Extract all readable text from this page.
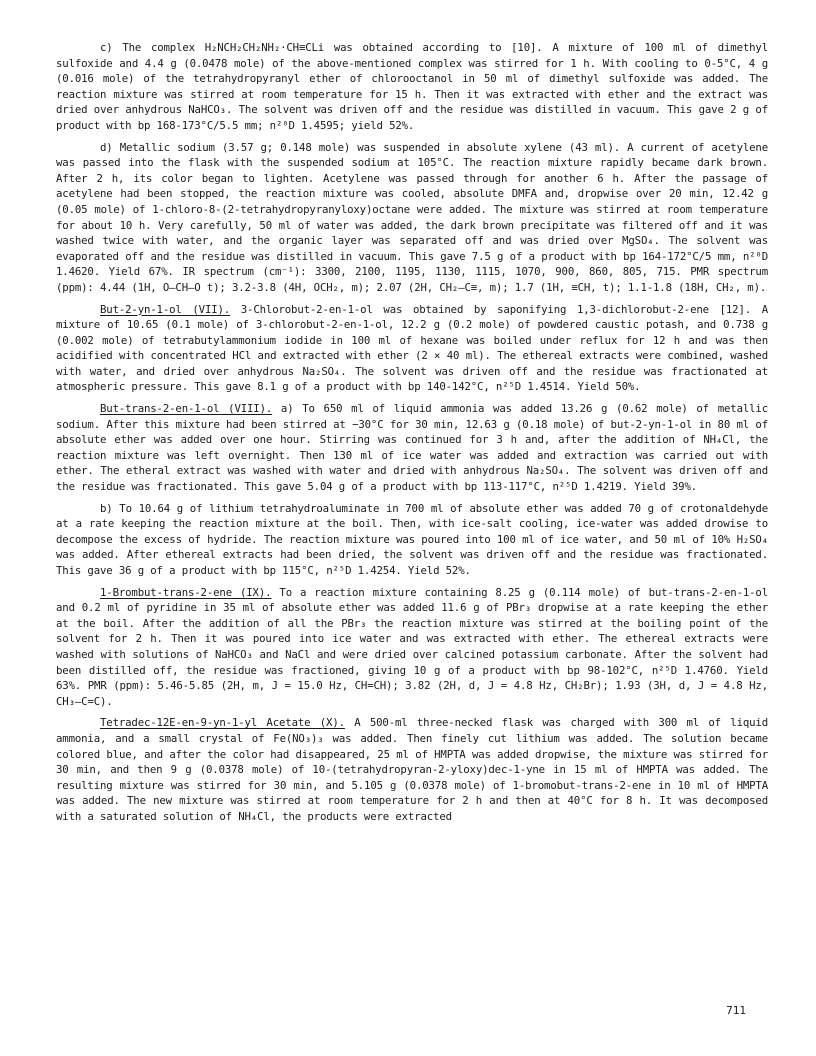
c) The complex H₂NCH₂CH₂NH₂·CH≡CLi was obtained according to [10]. A mixture of 100 ml of dimethyl sulfoxide and 4.4 g (0.0478 mole) of the above-mentioned complex was stirred for 1 h. With cooling to 0-5°C, 4 g (0.016 mole) of the tetrahydropyranyl ether of chlorooctanol in 50 ml of dimethyl sulfoxide was added. The reaction mixture was stirred at room temperature for 15 h. Then it was extracted with ether and the extract was dried over anhydrous NaHCO₃. The solvent was driven off and the residue was distilled in vacuum. This gave 2 g of product with bp 168-173°C/5.5 mm; n²⁰D 1.4595; yield 52%.

d) Metallic sodium (3.57 g; 0.148 mole) was suspended in absolute xylene (43 ml). A current of acetylene was passed into the flask with the suspended sodium at 105°C. The reaction mixture rapidly became dark brown. After 2 h, its color began to lighten. Acetylene was passed through for another 6 h. After the passage of acetylene had been stopped, the reaction mixture was cooled, absolute DMFA and, dropwise over 20 min, 12.42 g (0.05 mole) of 1-chloro-8-(2-tetrahydropyranyloxy)octane were added. The mixture was stirred at room temperature for about 10 h. Very carefully, 50 ml of water was added, the dark brown precipitate was filtered off and it was washed twice with water, and the organic layer was separated off and was dried over MgSO₄. The solvent was evaporated off and the residue was distilled in vacuum. This gave 7.5 g of a product with bp 164-172°C/5 mm, n²⁰D 1.4620. Yield 67%. IR spectrum (cm⁻¹): 3300, 2100, 1195, 1130, 1115, 1070, 900, 860, 805, 715. PMR spectrum (ppm): 4.44 (1H, O–CH–O t); 3.2-3.8 (4H, OCH₂, m); 2.07 (2H, CH₂–C≡, m); 1.7 (1H, ≡CH, t); 1.1-1.8 (18H, CH₂, m).

But-2-yn-1-ol (VII). 3-Chlorobut-2-en-1-ol was obtained by saponifying 1,3-dichlorobut-2-ene [12]. A mixture of 10.65 (0.1 mole) of 3-chlorobut-2-en-1-ol, 12.2 g (0.2 mole) of powdered caustic potash, and 0.738 g (0.002 mole) of tetrabutylammonium iodide in 100 ml of hexane was boiled under reflux for 12 h and was then acidified with concentrated HCl and extracted with ether (2 × 40 ml). The ethereal extracts were combined, washed with water, and dried over anhydrous Na₂SO₄. The solvent was driven off and the residue was fractionated at atmospheric pressure. This gave 8.1 g of a product with bp 140-142°C, n²⁵D 1.4514. Yield 50%.

But-trans-2-en-1-ol (VIII). a) To 650 ml of liquid ammonia was added 13.26 g (0.62 mole) of metallic sodium. After this mixture had been stirred at −30°C for 30 min, 12.63 g (0.18 mole) of but-2-yn-1-ol in 80 ml of absolute ether was added over one hour. Stirring was continued for 3 h and, after the addition of NH₄Cl, the reaction mixture was left overnight. Then 130 ml of ice water was added and extraction was carried out with ether. The etheral extract was washed with water and dried with anhydrous Na₂SO₄. The solvent was driven off and the residue was fractionated. This gave 5.04 g of a product with bp 113-117°C, n²⁵D 1.4219. Yield 39%.

b) To 10.64 g of lithium tetrahydroaluminate in 700 ml of absolute ether was added 70 g of crotonaldehyde at a rate keeping the reaction mixture at the boil. Then, with ice-salt cooling, ice-water was added drowise to decompose the excess of hydride. The reaction mixture was poured into 100 ml of ice water, and 50 ml of 10% H₂SO₄ was added. After ethereal extracts had been dried, the solvent was driven off and the residue was fractionated. This gave 36 g of a product with bp 115°C, n²⁵D 1.4254. Yield 52%.

1-Brombut-trans-2-ene (IX). To a reaction mixture containing 8.25 g (0.114 mole) of but-trans-2-en-1-ol and 0.2 ml of pyridine in 35 ml of absolute ether was added 11.6 g of PBr₃ dropwise at a rate keeping the ether at the boil. After the addition of all the PBr₃ the reaction mixture was stirred at the boiling point of the solvent for 2 h. Then it was poured into ice water and was extracted with ether. The ethereal extracts were washed with solutions of NaHCO₃ and NaCl and were dried over calcined potassium carbonate. After the solvent had been distilled off, the residue was fractioned, giving 10 g of a product with bp 98-102°C, n²⁵D 1.4760. Yield 63%. PMR (ppm): 5.46-5.85 (2H, m, J = 15.0 Hz, CH=CH); 3.82 (2H, d, J = 4.8 Hz, CH₂Br); 1.93 (3H, d, J = 4.8 Hz, CH₃–C=C).

Tetradec-12E-en-9-yn-1-yl Acetate (X). A 500-ml three-necked flask was charged with 300 ml of liquid ammonia, and a small crystal of Fe(NO₃)₃ was added. Then finely cut lithium was added. The solution became colored blue, and after the color had disappeared, 25 ml of HMPTA was added dropwise, the mixture was stirred for 30 min, and then 9 g (0.0378 mole) of 10-(tetrahydropyran-2-yloxy)dec-1-yne in 15 ml of HMPTA was added. The resulting mixture was stirred for 30 min, and 5.105 g (0.0378 mole) of 1-bromobut-trans-2-ene in 10 ml of HMPTA was added. The new mixture was stirred at room temperature for 2 h and then at 40°C for 8 h. It was decomposed with a saturated solution of NH₄Cl, the products were extracted

711
